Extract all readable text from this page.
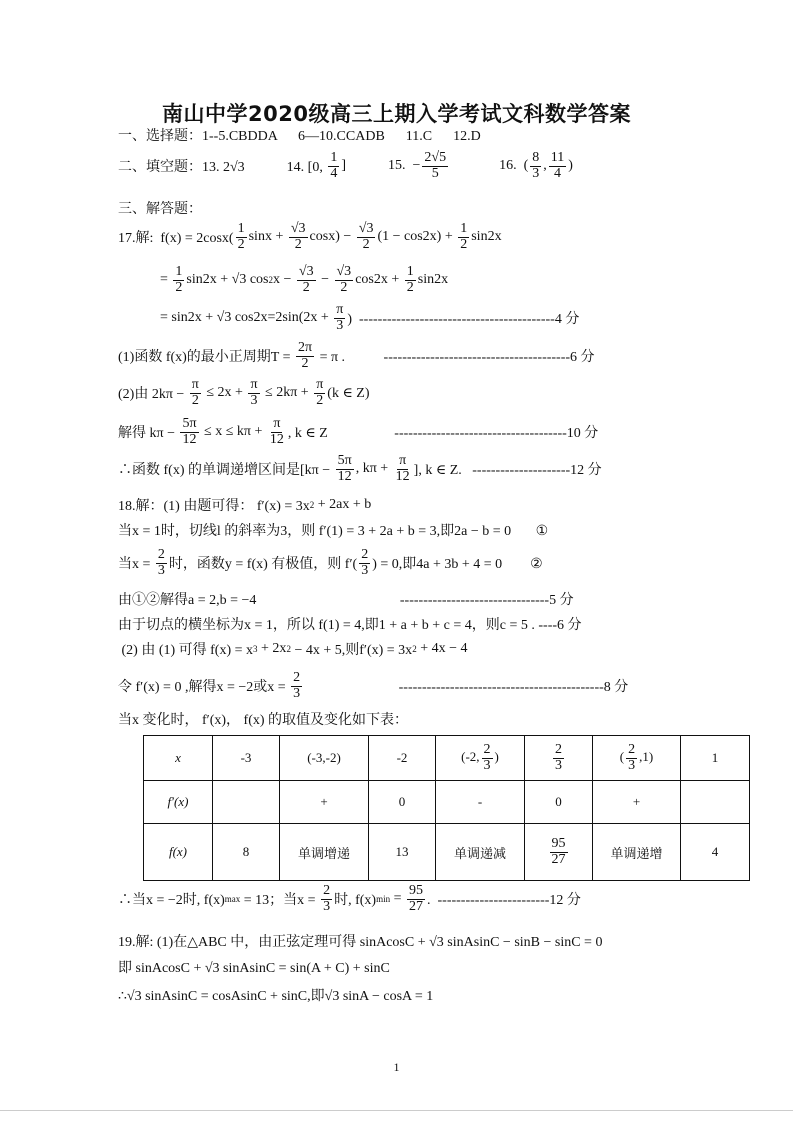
南山中学2020级高三上期入学考试文科数学答案
一、选择题：1--5.CBDDA      6—10.CCADB      11.C      12.D
二、填空题：13. 2√3            14. [0, $\frac{1}{4}$ ]            15.  − $\frac{2√5}{5} 16$.  ( $\frac{8}{3}$ , $\frac{11}{4}$ )
三、解答题：
17.解:  $f(x) = 2\cos x( \frac{1}{2}$ $\sin x + \frac{√3}{2} \cos x) - \frac{√3}{2} (1 - \cos 2x) + \frac{1}{2} \sin 2x$
= $\frac{1}{2} \sin 2x + √3$ cos 2 $x - \frac{√3}{2} - \frac{√3}{2} \cos 2x + \frac{1}{2} \sin 2x$
= sin2x + √3 $\cos 2x=2\sin(2x + \frac{\pi}{3}$ )  ------------------------------------------4 分
(1)函数 f(x)的最小正周期$T = \frac{2\pi}{2} = \pi$ .           ----------------------------------------6 分
(2)由 $2k\pi - \frac{\pi}{2} \le 2x + \frac{\pi}{3} \le 2k\pi + \frac{\pi}{2} (k$ ∈ Z)
解得 $k\pi - \frac{5\pi}{12} \le x \le k\pi + \frac{\pi}{12}$ , k ∈ Z                   -------------------------------------10 分
∴函数 f(x) 的单调递增区间是[$k\pi - \frac{5\pi}{12}$ , $k\pi + \frac{\pi}{12}$ ], k ∈ Z.   ---------------------12 分
18.解：(1) 由题可得： f′(x) = 3x 2 + 2ax + b
当x = 1时，切线l 的斜率为3，则 f′(1) = 3 + 2a + b = 3,即2a − b = 0       ①
当$x = \frac{2}{3}$ 时，函数y = f(x) 有极值，则 $f'( \frac{2}{3}$ ) = 0,即4a + 3b + 4 = 0        ②
由①②解得a = 2,b = −4                                         --------------------------------5 分
由于切点的横坐标为x = 1，所以 f(1) = 4,即1 + a + b + c = 4，则c = 5 . ----6 分
(2) 由 (1) 可得 f(x) = x 3 + 2x 2 − 4x + 5,则f′(x) = 3x 2 + 4x − 4
令 f′(x) = 0 ,解得x = −2或$x = \frac{2}{3} --------------------------------------------8$ 分
当x 变化时， f′(x)， f(x) 的取值及变化如下表：
∴当x = −2时, f(x) max = 13；当$x = \frac{2}{3}$ 时, f(x) $\min = \frac{95}{27}$ .  ------------------------12 分
19.解: (1)在△ABC 中，由正弦定理可得 sinAcosC + √3 sinAsinC − sinB − sinC = 0
即 sinAcosC + √3 sinAsinC = sin(A + C) + sinC
∴√3 sinAsinC = cosAsinC + sinC,即√3 sinA − cosA = 1
x	-3	(-3,-2)	-2	(-2, $\frac{2}{3}$ )	$\frac{2}{3}$	( $\frac{2}{3} ,1$)	1
f′(x)		+	0	-	0	+	
f(x)	8	单调增递	13	单调递减	$\frac{95}{27}$	单调递增	4
1
